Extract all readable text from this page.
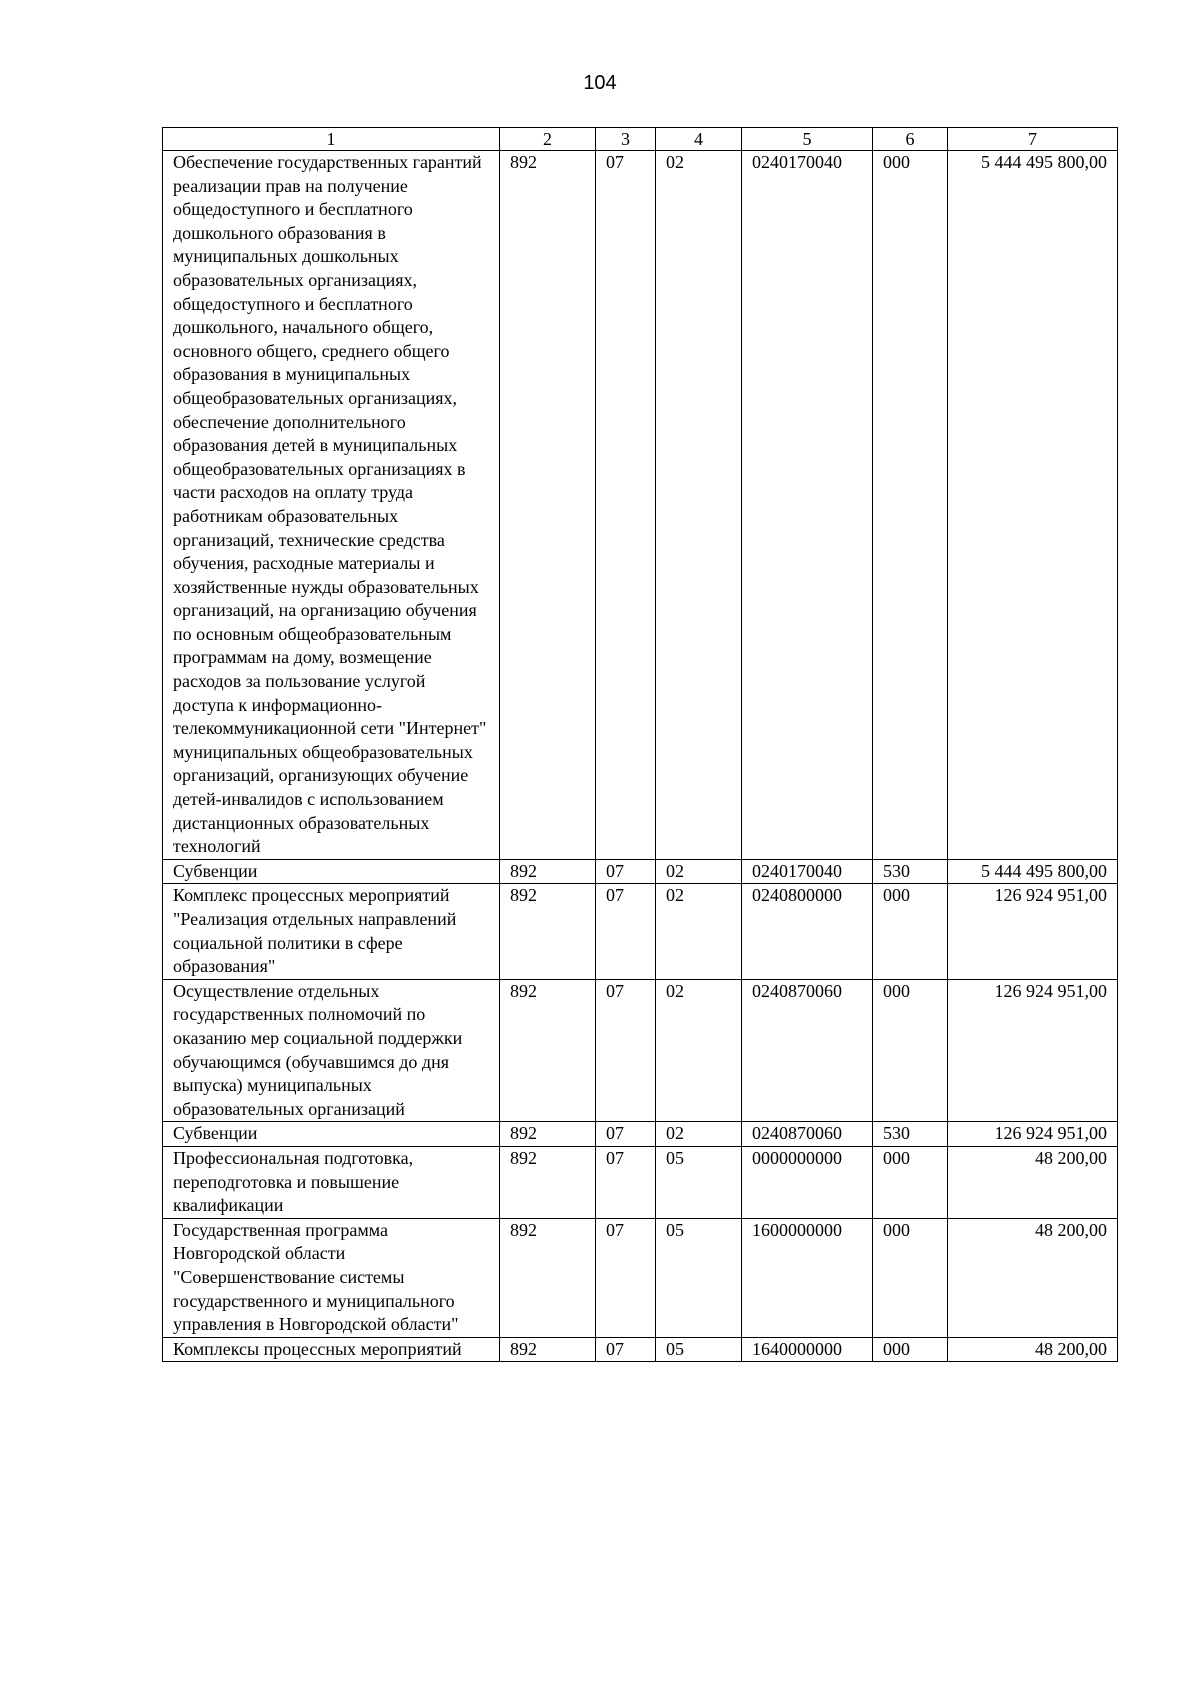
104
1	2	3	4	5	6	7
Обеспечение государственных гарантий реализации прав на получение общедоступного и бесплатного дошкольного образования в муниципальных дошкольных образовательных организациях, общедоступного и бесплатного дошкольного, начального общего, основного общего, среднего общего образования в муниципальных общеобразовательных организациях, обеспечение дополнительного образования детей в муниципальных общеобразовательных организациях в части расходов на оплату труда работникам образовательных организаций, технические средства обучения, расходные материалы и хозяйственные нужды образовательных организаций, на организацию обучения по основным общеобразовательным программам на дому, возмещение расходов за пользование услугой доступа к информационно-телекоммуникационной сети "Интернет" муниципальных общеобразовательных организаций, организующих обучение детей-инвалидов с использованием дистанционных образовательных технологий	892	07	02	0240170040	000	5 444 495 800,00
Субвенции	892	07	02	0240170040	530	5 444 495 800,00
Комплекс процессных мероприятий "Реализация отдельных направлений социальной политики в сфере образования"	892	07	02	0240800000	000	126 924 951,00
Осуществление отдельных государственных полномочий по оказанию мер социальной поддержки обучающимся (обучавшимся до дня выпуска) муниципальных образовательных организаций	892	07	02	0240870060	000	126 924 951,00
Субвенции	892	07	02	0240870060	530	126 924 951,00
Профессиональная подготовка, переподготовка и повышение квалификации	892	07	05	0000000000	000	48 200,00
Государственная программа Новгородской области "Совершенствование системы государственного и муниципального управления в Новгородской области"	892	07	05	1600000000	000	48 200,00
Комплексы процессных мероприятий	892	07	05	1640000000	000	48 200,00
